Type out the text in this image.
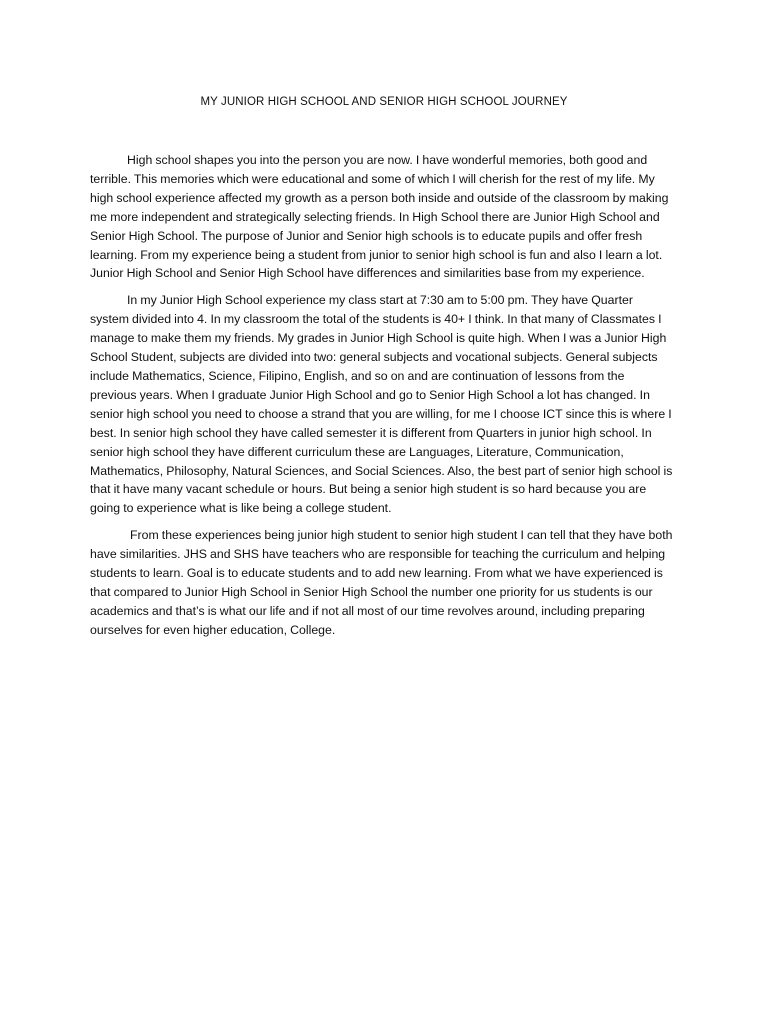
MY JUNIOR HIGH SCHOOL AND SENIOR HIGH SCHOOL JOURNEY

High school shapes you into the person you are now. I have wonderful memories, both good and terrible. This memories which were educational and some of which I will cherish for the rest of my life. My high school experience affected my growth as a person both inside and outside of the classroom by making me more independent and strategically selecting friends. In High School there are Junior High School and Senior High School. The purpose of Junior and Senior high schools is to educate pupils and offer fresh learning. From my experience being a student from junior to senior high school is fun and also I learn a lot. Junior High School and Senior High School have differences and similarities base from my experience.

In my Junior High School experience my class start at 7:30 am to 5:00 pm. They have Quarter system divided into 4. In my classroom the total of the students is 40+ I think. In that many of Classmates I manage to make them my friends. My grades in Junior High School is quite high. When I was a Junior High School Student, subjects are divided into two: general subjects and vocational subjects. General subjects include Mathematics, Science, Filipino, English, and so on and are continuation of lessons from the previous years. When I graduate Junior High School and go to Senior High School a lot has changed. In senior high school you need to choose a strand that you are willing, for me I choose ICT since this is where I best. In senior high school they have called semester it is different from Quarters in junior high school. In senior high school they have different curriculum these are Languages, Literature, Communication, Mathematics, Philosophy, Natural Sciences, and Social Sciences. Also, the best part of senior high school is that it have many vacant schedule or hours. But being a senior high student is so hard because you are going to experience what is like being a college student.

From these experiences being junior high student to senior high student I can tell that they have both have similarities. JHS and SHS have teachers who are responsible for teaching the curriculum and helping students to learn. Goal is to educate students and to add new learning. From what we have experienced is that compared to Junior High School in Senior High School the number one priority for us students is our academics and that’s is what our life and if not all most of our time revolves around, including preparing ourselves for even higher education, College.
